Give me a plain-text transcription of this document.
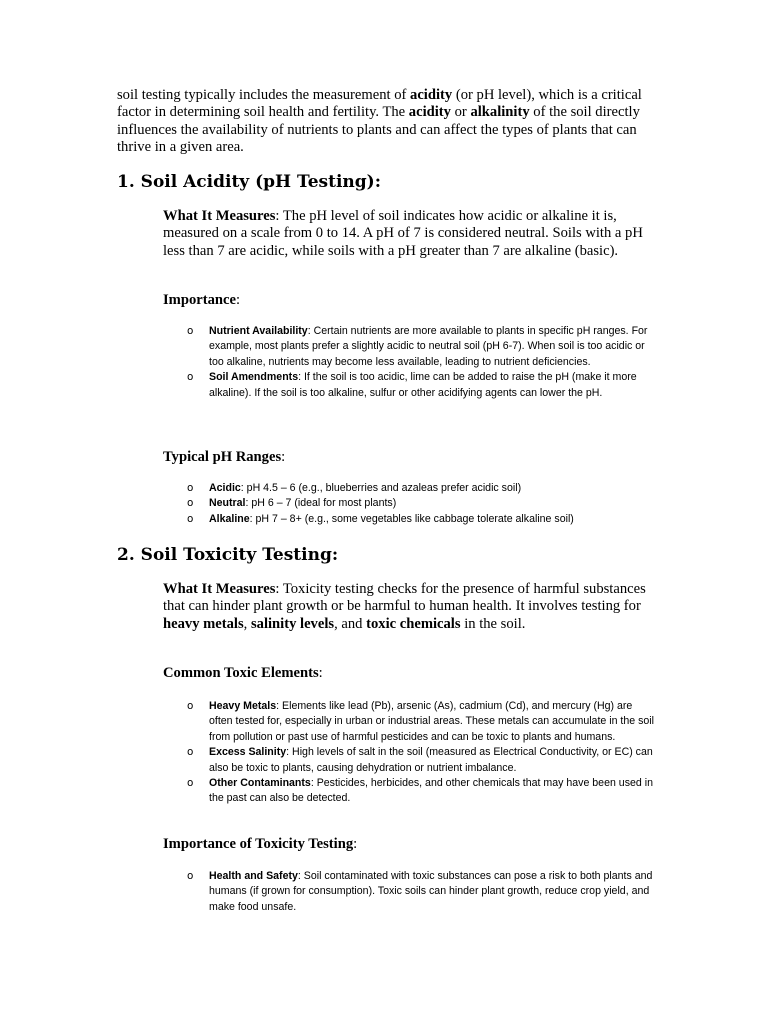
soil testing typically includes the measurement of acidity (or pH level), which is a critical factor in determining soil health and fertility. The acidity or alkalinity of the soil directly influences the availability of nutrients to plants and can affect the types of plants that can thrive in a given area.

1. Soil Acidity (pH Testing):

What It Measures: The pH level of soil indicates how acidic or alkaline it is, measured on a scale from 0 to 14. A pH of 7 is considered neutral. Soils with a pH less than 7 are acidic, while soils with a pH greater than 7 are alkaline (basic).

Importance:

o Nutrient Availability: Certain nutrients are more available to plants in specific pH ranges. For example, most plants prefer a slightly acidic to neutral soil (pH 6-7). When soil is too acidic or too alkaline, nutrients may become less available, leading to nutrient deficiencies.
o Soil Amendments: If the soil is too acidic, lime can be added to raise the pH (make it more alkaline). If the soil is too alkaline, sulfur or other acidifying agents can lower the pH.

Typical pH Ranges:

o Acidic: pH 4.5 – 6 (e.g., blueberries and azaleas prefer acidic soil)
o Neutral: pH 6 – 7 (ideal for most plants)
o Alkaline: pH 7 – 8+ (e.g., some vegetables like cabbage tolerate alkaline soil)
2. Soil Toxicity Testing:

What It Measures: Toxicity testing checks for the presence of harmful substances that can hinder plant growth or be harmful to human health. It involves testing for heavy metals, salinity levels, and toxic chemicals in the soil.

Common Toxic Elements:

o Heavy Metals: Elements like lead (Pb), arsenic (As), cadmium (Cd), and mercury (Hg) are often tested for, especially in urban or industrial areas. These metals can accumulate in the soil from pollution or past use of harmful pesticides and can be toxic to plants and humans.
o Excess Salinity: High levels of salt in the soil (measured as Electrical Conductivity, or EC) can also be toxic to plants, causing dehydration or nutrient imbalance.
o Other Contaminants: Pesticides, herbicides, and other chemicals that may have been used in the past can also be detected.

Importance of Toxicity Testing:

o Health and Safety: Soil contaminated with toxic substances can pose a risk to both plants and humans (if grown for consumption). Toxic soils can hinder plant growth, reduce crop yield, and make food unsafe.
